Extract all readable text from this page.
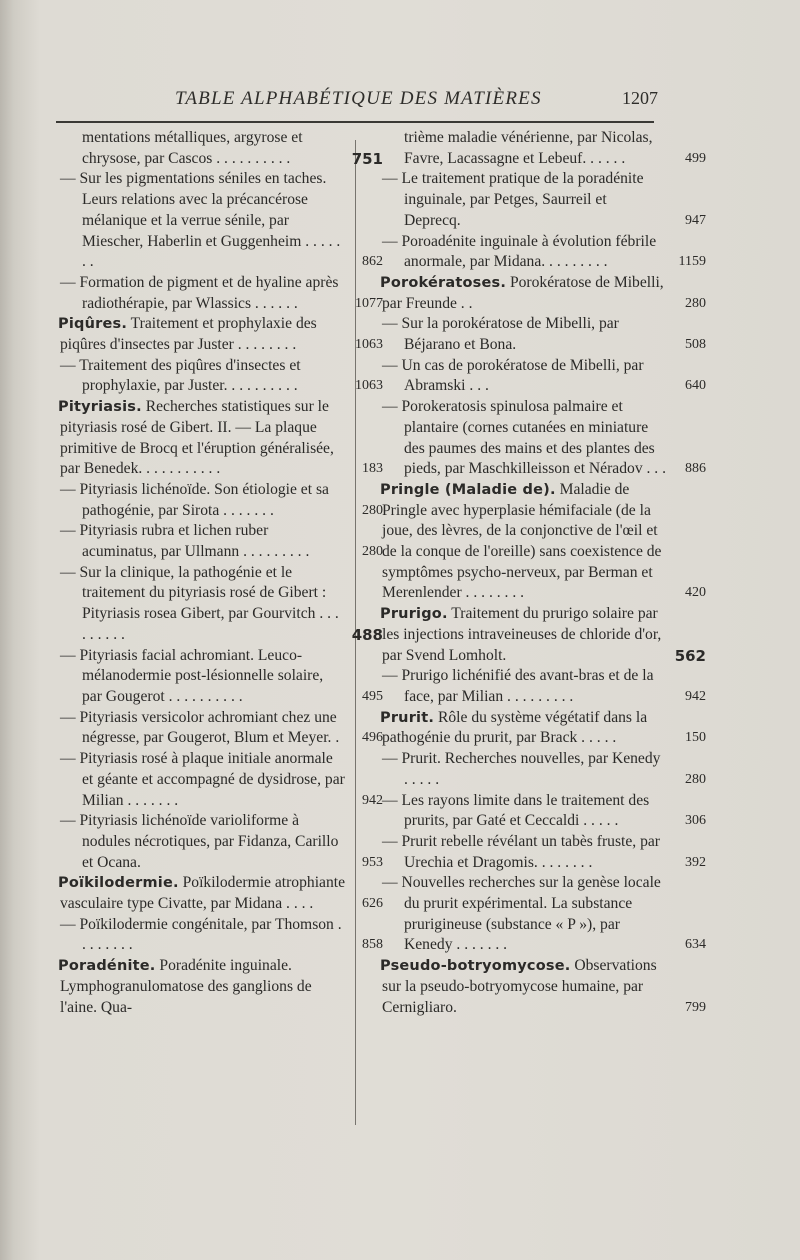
TABLE ALPHABÉTIQUE DES MATIÈRES	1207
mentations métalliques, argyrose et chrysose, par Cascos . . . . . . . . . .	751
— Sur les pigmentations séniles en taches. Leurs relations avec la précancérose mélanique et la verrue sénile, par Miescher, Haberlin et Guggenheim . . . . . . .	862
— Formation de pigment et de hyaline après radiothérapie, par Wlassics . . . . . .	1077
Piqûres. Traitement et prophylaxie des piqûres d'insectes par Juster . . . . . . . .	1063
— Traitement des piqûres d'insectes et prophylaxie, par Juster. . . . . . . . . .	1063
Pityriasis. Recherches statistiques sur le pityriasis rosé de Gibert. II. — La plaque primitive de Brocq et l'éruption généralisée, par Benedek. . . . . . . . . . .	183
— Pityriasis lichénoïde. Son étiologie et sa pathogénie, par Sirota . . . . . . .	280
— Pityriasis rubra et lichen ruber acuminatus, par Ullmann . . . . . . . . .	280
— Sur la clinique, la pathogénie et le traitement du pityriasis rosé de Gibert : Pityriasis rosea Gibert, par Gourvitch . . . . . . . . .	488
— Pityriasis facial achromiant. Leuco-mélanodermie post-lésionnelle solaire, par Gougerot . . . . . . . . . .	495
— Pityriasis versicolor achromiant chez une négresse, par Gougerot, Blum et Meyer. .	496
— Pityriasis rosé à plaque initiale anormale et géante et accompagné de dysidrose, par Milian . . . . . . .	942
— Pityriasis lichénoïde varioliforme à nodules nécrotiques, par Fidanza, Carillo et Ocana.	953
Poïkilodermie. Poïkilodermie atrophiante vasculaire type Civatte, par Midana . . . .	626
— Poïkilodermie congénitale, par Thomson . . . . . . . .	858
Poradénite. Poradénite inguinale. Lymphogranulomatose des ganglions de l'aine. Qua-
trième maladie vénérienne, par Nicolas, Favre, Lacassagne et Lebeuf. . . . . .	499
— Le traitement pratique de la poradénite inguinale, par Petges, Saurreil et Deprecq.	947
— Poroadénite inguinale à évolution fébrile anormale, par Midana. . . . . . . . .	1159
Porokératoses. Porokératose de Mibelli, par Freunde . .	280
— Sur la porokératose de Mibelli, par Béjarano et Bona.	508
— Un cas de porokératose de Mibelli, par Abramski . . .	640
— Porokeratosis spinulosa palmaire et plantaire (cornes cutanées en miniature des paumes des mains et des plantes des pieds, par Maschkilleisson et Néradov . . .	886
Pringle (Maladie de). Maladie de Pringle avec hyperplasie hémifaciale (de la joue, des lèvres, de la conjonctive de l'œil et de la conque de l'oreille) sans coexistence de symptômes psycho-nerveux, par Berman et Merenlender . . . . . . . .	420
Prurigo. Traitement du prurigo solaire par les injections intraveineuses de chloride d'or, par Svend Lomholt.	562
— Prurigo lichénifié des avant-bras et de la face, par Milian . . . . . . . . .	942
Prurit. Rôle du système végétatif dans la pathogénie du prurit, par Brack . . . . .	150
— Prurit. Recherches nouvelles, par Kenedy . . . . .	280
— Les rayons limite dans le traitement des prurits, par Gaté et Ceccaldi . . . . .	306
— Prurit rebelle révélant un tabès fruste, par Urechia et Dragomis. . . . . . . .	392
— Nouvelles recherches sur la genèse locale du prurit expérimental. La substance prurigineuse (substance « P »), par Kenedy . . . . . . .	634
Pseudo-botryomycose. Observations sur la pseudo-botryomycose humaine, par Cernigliaro.	799
